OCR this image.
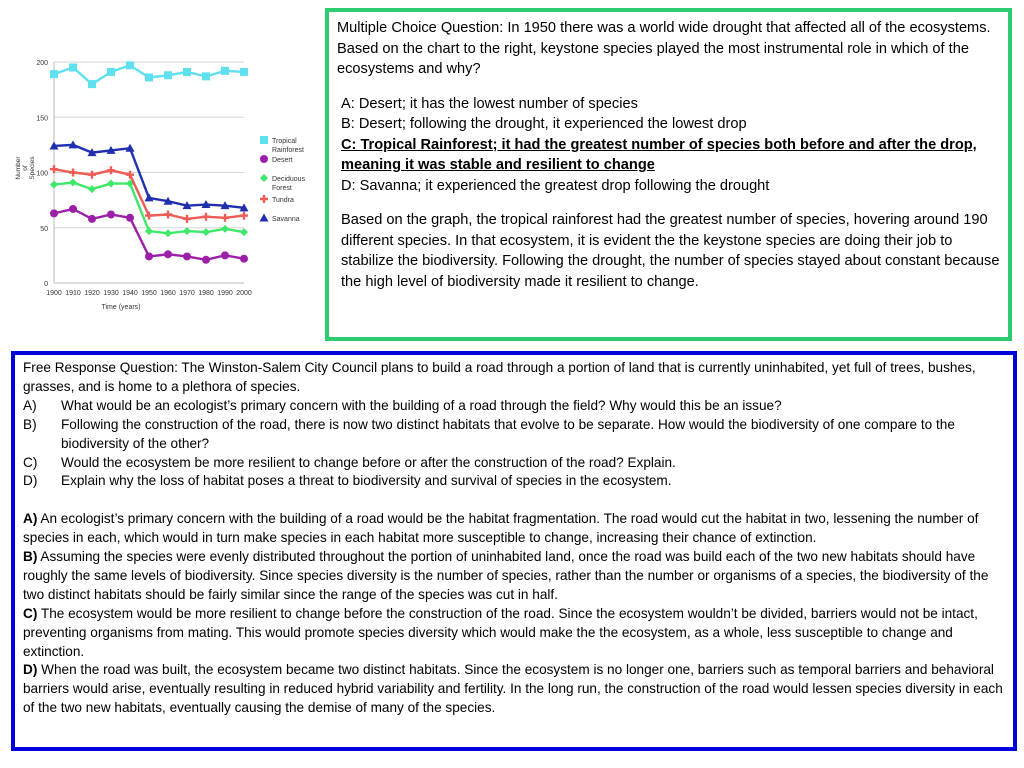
0
50
100
150
200
1900 1910 1920 1930 1940 1950 1960 1970 1980 1990 2000
Time (years)
Number of Species
Tropical
Rainforest
Desert
Deciduous
Forest
Tundra
Savanna

Multiple Choice Question: In 1950 there was a world wide drought that affected all of the ecosystems. Based on the chart to the right, keystone species played the most instrumental role in which of the ecosystems and why?

A: Desert; it has the lowest number of species
B: Desert; following the drought, it experienced the lowest drop
C: Tropical Rainforest; it had the greatest number of species both before and after the drop, meaning it was stable and resilient to change
D: Savanna; it experienced the greatest drop following the drought

Based on the graph, the tropical rainforest had the greatest number of species, hovering around 190 different species. In that ecosystem, it is evident the the keystone species are doing their job to stabilize the biodiversity. Following the drought, the number of species stayed about constant because the high level of biodiversity made it resilient to change.

Free Response Question: The Winston-Salem City Council plans to build a road through a portion of land that is currently uninhabited, yet full of trees, bushes, grasses, and is home to a plethora of species.

A)	What would be an ecologist’s primary concern with the building of a road through the field? Why would this be an issue?
B)	Following the construction of the road, there is now two distinct habitats that evolve to be separate. How would the biodiversity of one compare to the biodiversity of the other?
C)	Would the ecosystem be more resilient to change before or after the construction of the road? Explain.
D)	Explain why the loss of habitat poses a threat to biodiversity and survival of species in the ecosystem.

A) An ecologist’s primary concern with the building of a road would be the habitat fragmentation. The road would cut the habitat in two, lessening the number of species in each, which would in turn make species in each habitat more susceptible to change, increasing their chance of extinction.

B) Assuming the species were evenly distributed throughout the portion of uninhabited land, once the road was build each of the two new habitats should have roughly the same levels of biodiversity. Since species diversity is the number of species, rather than the number or organisms of a species, the biodiversity of the two distinct habitats should be fairly similar since the range of the species was cut in half.

C) The ecosystem would be more resilient to change before the construction of the road. Since the ecosystem wouldn’t be divided, barriers would not be intact, preventing organisms from mating. This would promote species diversity which would make the the ecosystem, as a whole, less susceptible to change and extinction.

D) When the road was built, the ecosystem became two distinct habitats. Since the ecosystem is no longer one, barriers such as temporal barriers and behavioral barriers would arise, eventually resulting in reduced hybrid variability and fertility. In the long run, the construction of the road would lessen species diversity in each of the two new habitats, eventually causing the demise of many of the species.
